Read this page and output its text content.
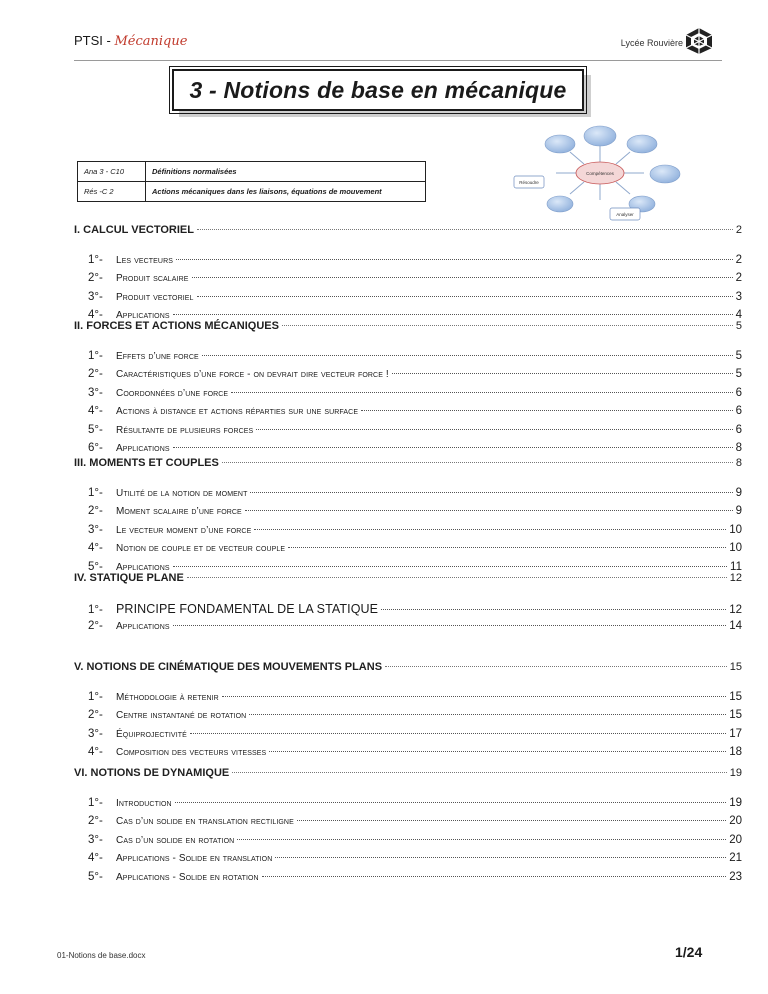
PTSI - Mécanique	Lycée Rouvière
3 - Notions de base en mécanique
Ana 3 - C10	Définitions normalisées
Rés -C 2	Actions mécaniques dans les liaisons, équations de mouvement
Compétences
Résoudre
Analyser
I. CALCUL VECTORIEL	2
1°-	Les vecteurs	2
2°-	Produit scalaire	2
3°-	Produit vectoriel	3
4°-	Applications	4
II. FORCES ET ACTIONS MÉCANIQUES	5
1°-	Effets d’une force	5
2°-	Caractéristiques d’une force - on devrait dire vecteur force !	5
3°-	Coordonnées d’une force	6
4°-	Actions à distance et actions réparties sur une surface	6
5°-	Résultante de plusieurs forces	6
6°-	Applications	8
III. MOMENTS ET COUPLES	8
1°-	Utilité de la notion de moment	9
2°-	Moment scalaire d’une force	9
3°-	Le vecteur moment d’une force	10
4°-	Notion de couple et de vecteur couple	10
5°-	Applications	11
IV. STATIQUE PLANE	12
1°-	PRINCIPE FONDAMENTAL DE LA STATIQUE	12
2°-	Applications	14
V. NOTIONS DE CINÉMATIQUE DES MOUVEMENTS PLANS	15
1°-	Méthodologie à retenir	15
2°-	Centre instantané de rotation	15
3°-	Équiprojectivité	17
4°-	Composition des vecteurs vitesses	18
VI. NOTIONS DE DYNAMIQUE	19
1°-	Introduction	19
2°-	Cas d’un solide en translation rectiligne	20
3°-	Cas d’un solide en rotation	20
4°-	Applications - Solide en translation	21
5°-	Applications - Solide en rotation	23
01-Notions de base.docx	1/24
